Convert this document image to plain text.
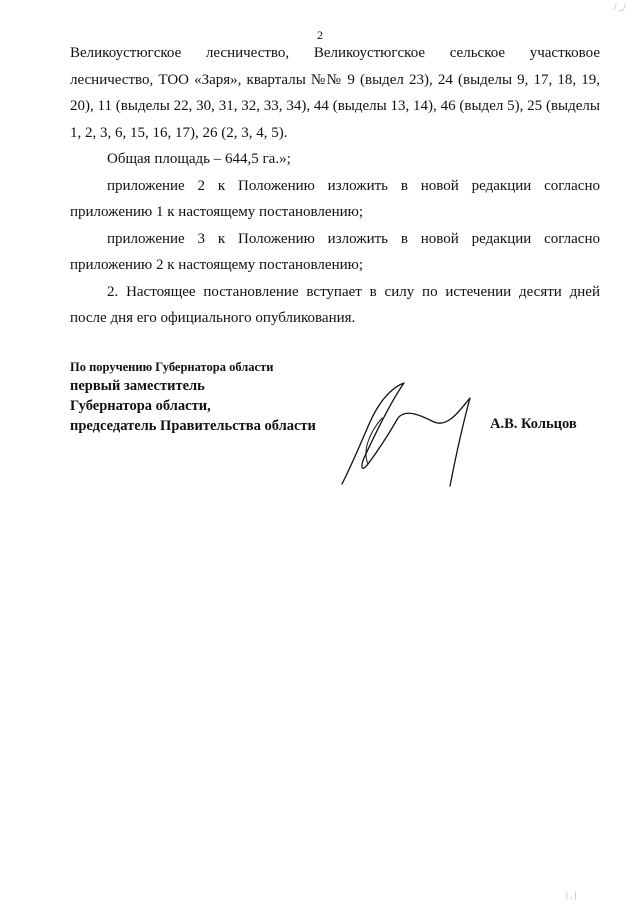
2

Великоустюгское лесничество, Великоустюгское сельское участковое лесничество, ТОО «Заря», кварталы №№ 9 (выдел 23), 24 (выделы 9, 17, 18, 19, 20), 11 (выделы 22, 30, 31, 32, 33, 34), 44 (выделы 13, 14), 46 (выдел 5), 25 (выделы 1, 2, 3, 6, 15, 16, 17), 26 (2, 3, 4, 5).

Общая площадь – 644,5 га.»;

приложение 2 к Положению изложить в новой редакции согласно приложению 1 к настоящему постановлению;

приложение 3 к Положению изложить в новой редакции согласно приложению 2 к настоящему постановлению;

2. Настоящее постановление вступает в силу по истечении десяти дней после дня его официального опубликования.

По поручению Губернатора области
первый заместитель
Губернатора области,
председатель Правительства области	А.В. Кольцов
/ _/
| . |
